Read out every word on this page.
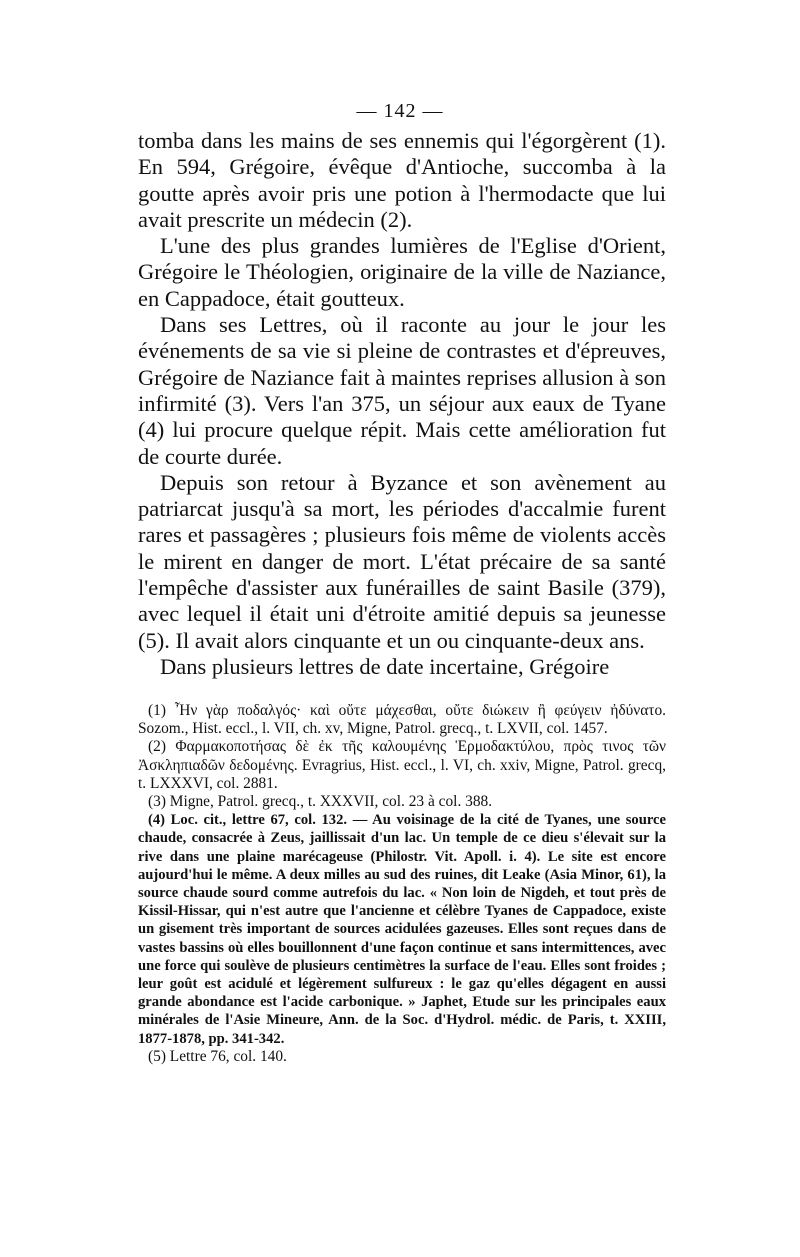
— 142 —

tomba dans les mains de ses ennemis qui l'égorgèrent (1). En 594, Grégoire, évêque d'Antioche, succomba à la goutte après avoir pris une potion à l'hermodacte que lui avait prescrite un médecin (2).

L'une des plus grandes lumières de l'Eglise d'Orient, Grégoire le Théologien, originaire de la ville de Naziance, en Cappadoce, était goutteux.

Dans ses Lettres, où il raconte au jour le jour les événements de sa vie si pleine de contrastes et d'épreuves, Grégoire de Naziance fait à maintes reprises allusion à son infirmité (3). Vers l'an 375, un séjour aux eaux de Tyane (4) lui procure quelque répit. Mais cette amélioration fut de courte durée.

Depuis son retour à Byzance et son avènement au patriarcat jusqu'à sa mort, les périodes d'accalmie furent rares et passagères ; plusieurs fois même de violents accès le mirent en danger de mort. L'état précaire de sa santé l'empêche d'assister aux funérailles de saint Basile (379), avec lequel il était uni d'étroite amitié depuis sa jeunesse (5). Il avait alors cinquante et un ou cinquante-deux ans.

Dans plusieurs lettres de date incertaine, Grégoire

(1) Ἦν γὰρ ποδαλγός· καὶ οὔτε μάχεσθαι, οὔτε διώκειν ἢ φεύγειν ἠδύνατο. Sozom., Hist. eccl., l. VII, ch. xv, Migne, Patrol. grecq., t. LXVII, col. 1457.

(2) Φαρμακοποτήσας δὲ ἐκ τῆς καλουμένης Ἑρμοδακτύλου, πρὸς τινος τῶν Ἀσκληπιαδῶν δεδομένης. Evragrius, Hist. eccl., l. VI, ch. xxiv, Migne, Patrol. grecq, t. LXXXVI, col. 2881.

(3) Migne, Patrol. grecq., t. XXXVII, col. 23 à col. 388.

(4) Loc. cit., lettre 67, col. 132. — Au voisinage de la cité de Tyanes, une source chaude, consacrée à Zeus, jaillissait d'un lac. Un temple de ce dieu s'élevait sur la rive dans une plaine marécageuse (Philostr. Vit. Apoll. i. 4). Le site est encore aujourd'hui le même. A deux milles au sud des ruines, dit Leake (Asia Minor, 61), la source chaude sourd comme autrefois du lac. « Non loin de Nigdeh, et tout près de Kissil-Hissar, qui n'est autre que l'ancienne et célèbre Tyanes de Cappadoce, existe un gisement très important de sources acidulées gazeuses. Elles sont reçues dans de vastes bassins où elles bouillonnent d'une façon continue et sans intermittences, avec une force qui soulève de plusieurs centimètres la surface de l'eau. Elles sont froides ; leur goût est acidulé et légèrement sulfureux : le gaz qu'elles dégagent en aussi grande abondance est l'acide carbonique. » Japhet, Etude sur les principales eaux minérales de l'Asie Mineure, Ann. de la Soc. d'Hydrol. médic. de Paris, t. XXIII, 1877-1878, pp. 341-342.

(5) Lettre 76, col. 140.
